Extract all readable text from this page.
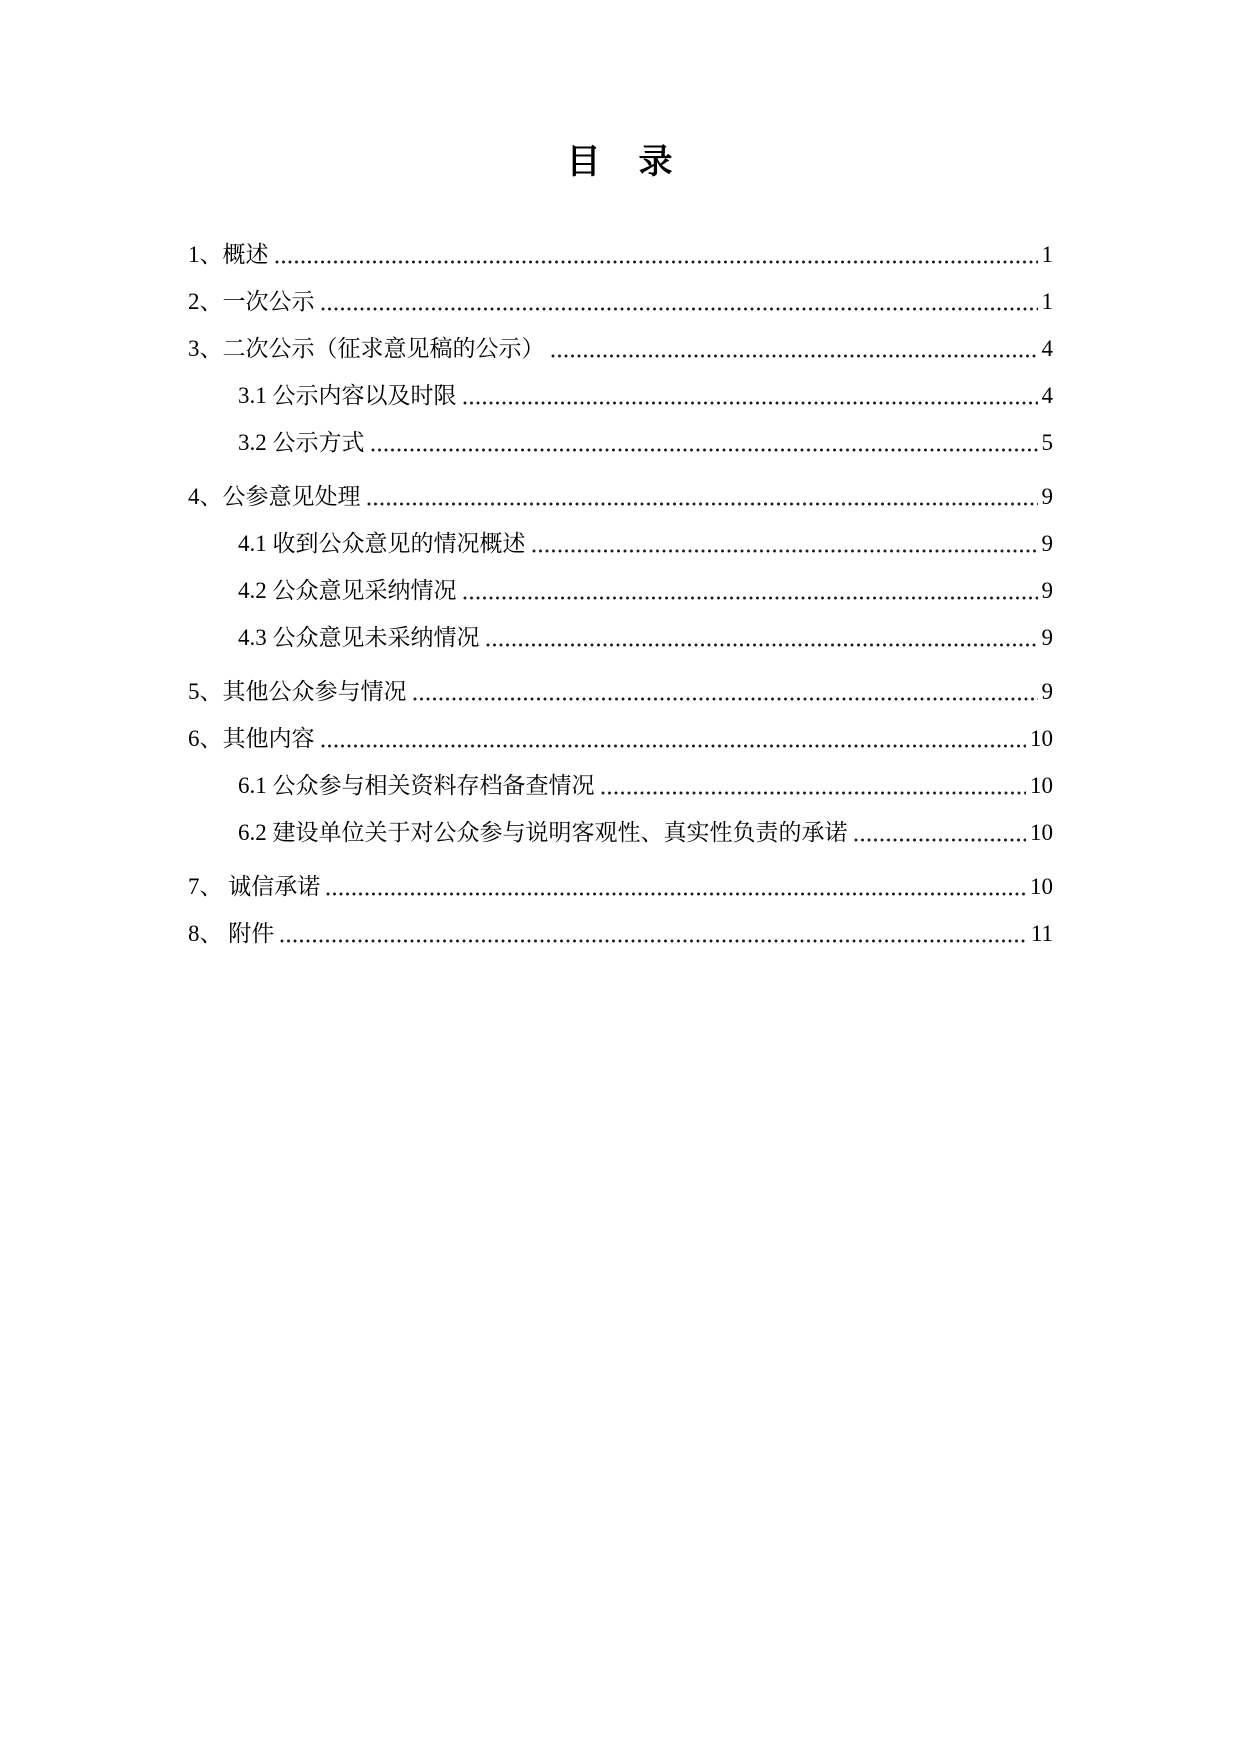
目　录
1、概述	1
2、一次公示	1
3、二次公示（征求意见稿的公示）	4
3.1 公示内容以及时限	4
3.2 公示方式	5
4、公参意见处理	9
4.1 收到公众意见的情况概述	9
4.2 公众意见采纳情况	9
4.3 公众意见未采纳情况	9
5、其他公众参与情况	9
6、其他内容	10
6.1 公众参与相关资料存档备查情况	10
6.2 建设单位关于对公众参与说明客观性、真实性负责的承诺	10
7、 诚信承诺	10
8、 附件	11
